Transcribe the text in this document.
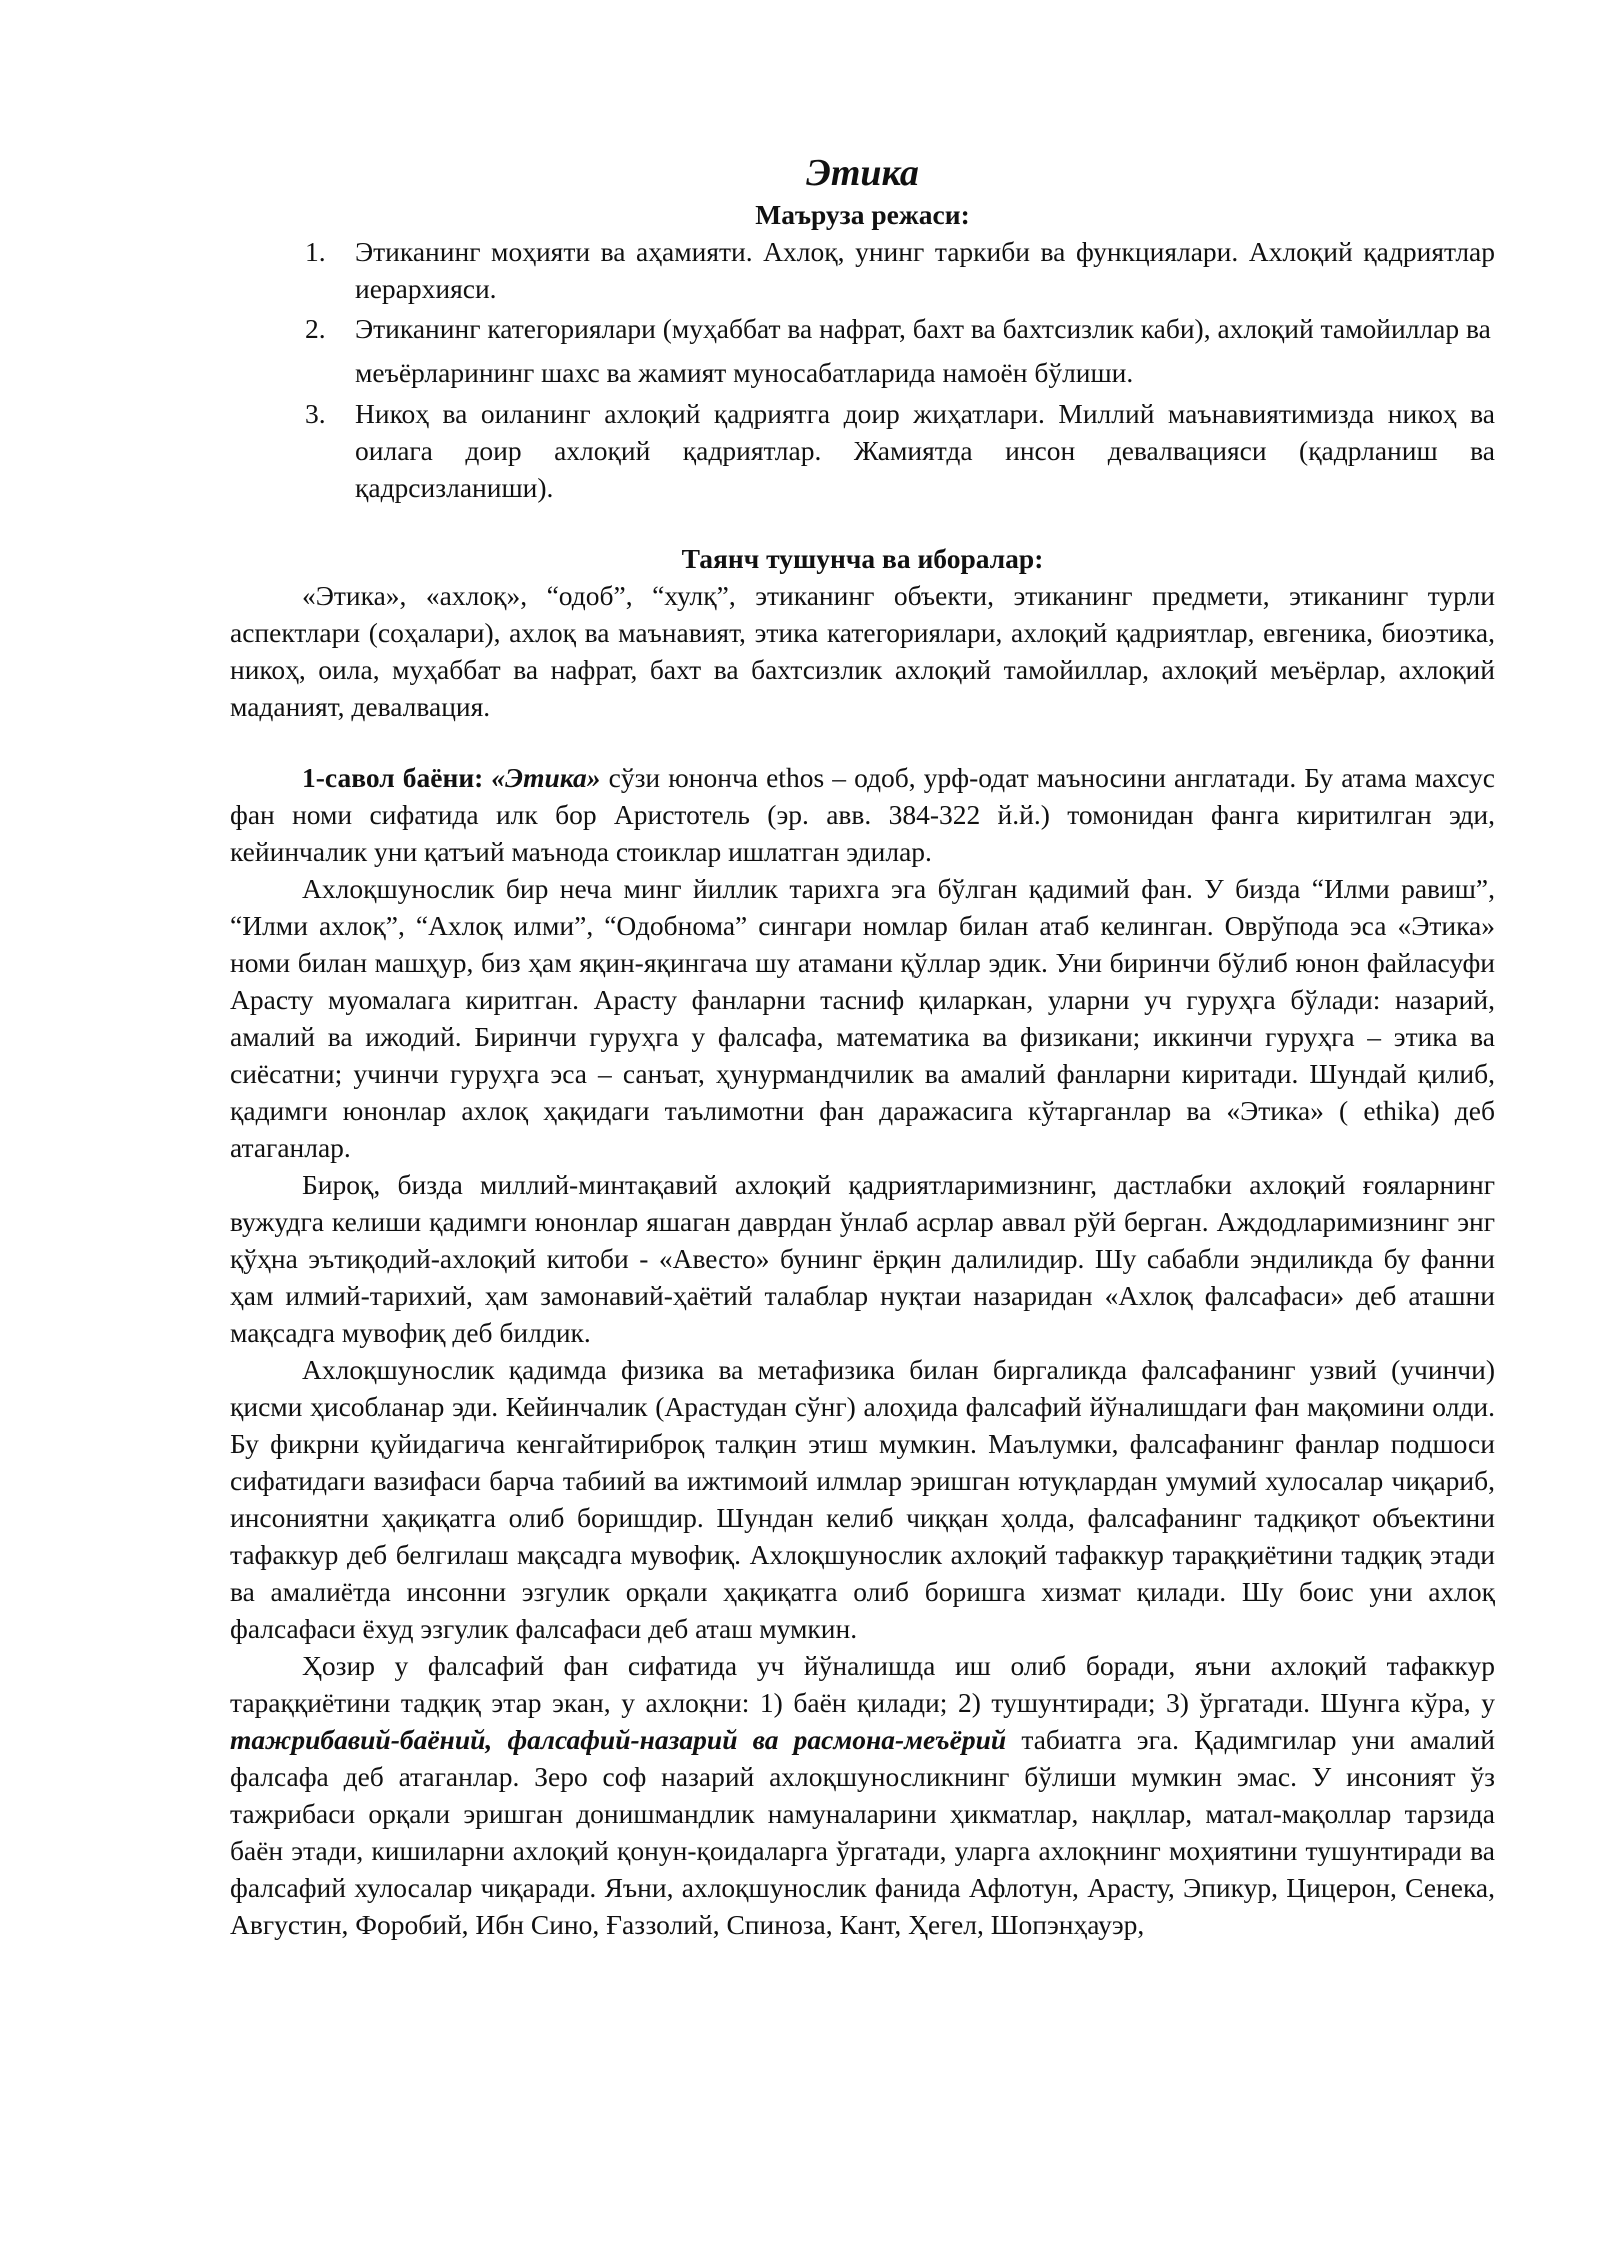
Этика
Маъруза режаси:
1. Этиканинг моҳияти ва аҳамияти. Ахлоқ, унинг таркиби ва функциялари. Ахлоқий қадриятлар иерархияси.
2. Этиканинг категориялари (муҳаббат ва нафрат, бахт ва бахтсизлик каби), ахлоқий тамойиллар ва меъёрларининг шахс ва жамият муносабатларида намоён бўлиши.
3. Никоҳ ва оиланинг ахлоқий қадриятга доир жиҳатлари. Миллий маънавиятимизда никоҳ ва оилага доир ахлоқий қадриятлар. Жамиятда инсон девалвацияси (қадрланиш ва қадрсизланиши).
Таянч тушунча ва иборалар:

«Этика», «ахлоқ», “одоб”, “хулқ”, этиканинг объекти, этиканинг предмети, этиканинг турли аспектлари (соҳалари), ахлоқ ва маънавият, этика категориялари, ахлоқий қадриятлар, евгеника, биоэтика, никоҳ, оила, муҳаббат ва нафрат, бахт ва бахтсизлик ахлоқий тамойиллар, ахлоқий меъёрлар, ахлоқий маданият, девалвация.

1-савол баёни: «Этика» сўзи юнонча ethos – одоб, урф-одат маъносини англатади. Бу атама махсус фан номи сифатида илк бор Аристотель (эр. авв. 384-322 й.й.) томонидан фанга киритилган эди, кейинчалик уни қатъий маънода стоиклар ишлатган эдилар.

Ахлоқшунослик бир неча минг йиллик тарихга эга бўлган қадимий фан. У бизда “Илми равиш”, “Илми ахлоқ”, “Ахлоқ илми”, “Одобнома” сингари номлар билан атаб келинган. Оврўпода эса «Этика» номи билан машҳур, биз ҳам яқин-яқингача шу атамани қўллар эдик. Уни биринчи бўлиб юнон файласуфи Арасту муомалага киритган. Арасту фанларни тасниф қиларкан, уларни уч гуруҳга бўлади: назарий, амалий ва ижодий. Биринчи гуруҳга у фалсафа, математика ва физикани; иккинчи гуруҳга – этика ва сиёсатни; учинчи гуруҳга эса – санъат, ҳунурмандчилик ва амалий фанларни киритади. Шундай қилиб, қадимги юнонлар ахлоқ ҳақидаги таълимотни фан даражасига кўтарганлар ва «Этика» ( ethika) деб атаганлар.

Бироқ, бизда миллий-минтақавий ахлоқий қадриятларимизнинг, дастлабки ахлоқий ғояларнинг вужудга келиши қадимги юнонлар яшаган даврдан ўнлаб асрлар аввал рўй берган. Аждодларимизнинг энг қўҳна эътиқодий-ахлоқий китоби - «Авесто» бунинг ёрқин далилидир. Шу сабабли эндиликда бу фанни ҳам илмий-тарихий, ҳам замонавий-ҳаётий талаблар нуқтаи назаридан «Ахлоқ фалсафаси» деб аташни мақсадга мувофиқ деб билдик.

Ахлоқшунослик қадимда физика ва метафизика билан биргаликда фалсафанинг узвий (учинчи) қисми ҳисобланар эди. Кейинчалик (Арастудан сўнг) алоҳида фалсафий йўналишдаги фан мақомини олди. Бу фикрни қуйидагича кенгайтириброқ талқин этиш мумкин. Маълумки, фалсафанинг фанлар подшоси сифатидаги вазифаси барча табиий ва ижтимоий илмлар эришган ютуқлардан умумий хулосалар чиқариб, инсониятни ҳақиқатга олиб боришдир. Шундан келиб чиққан ҳолда, фалсафанинг тадқиқот объектини тафаккур деб белгилаш мақсадга мувофиқ. Ахлоқшунослик ахлоқий тафаккур тараққиётини тадқиқ этади ва амалиётда инсонни эзгулик орқали ҳақиқатга олиб боришга хизмат қилади. Шу боис уни ахлоқ фалсафаси ёхуд эзгулик фалсафаси деб аташ мумкин.

Ҳозир у фалсафий фан сифатида уч йўналишда иш олиб боради, яъни ахлоқий тафаккур тараққиётини тадқиқ этар экан, у ахлоқни: 1) баён қилади; 2) тушунтиради; 3) ўргатади. Шунга кўра, у тажрибавий-баёний, фалсафий-назарий ва расмона-меъёрий табиатга эга. Қадимгилар уни амалий фалсафа деб атаганлар. Зеро соф назарий ахлоқшуносликнинг бўлиши мумкин эмас. У инсоният ўз тажрибаси орқали эришган донишмандлик намуналарини ҳикматлар, нақллар, матал-мақоллар тарзида баён этади, кишиларни ахлоқий қонун-қоидаларга ўргатади, уларга ахлоқнинг моҳиятини тушунтиради ва фалсафий хулосалар чиқаради. Яъни, ахлоқшунослик фанида Афлотун, Арасту, Эпикур, Цицерон, Сенека, Августин, Форобий, Ибн Сино, Ғаззолий, Спиноза, Кант, Ҳегел, Шопэнҳауэр,
